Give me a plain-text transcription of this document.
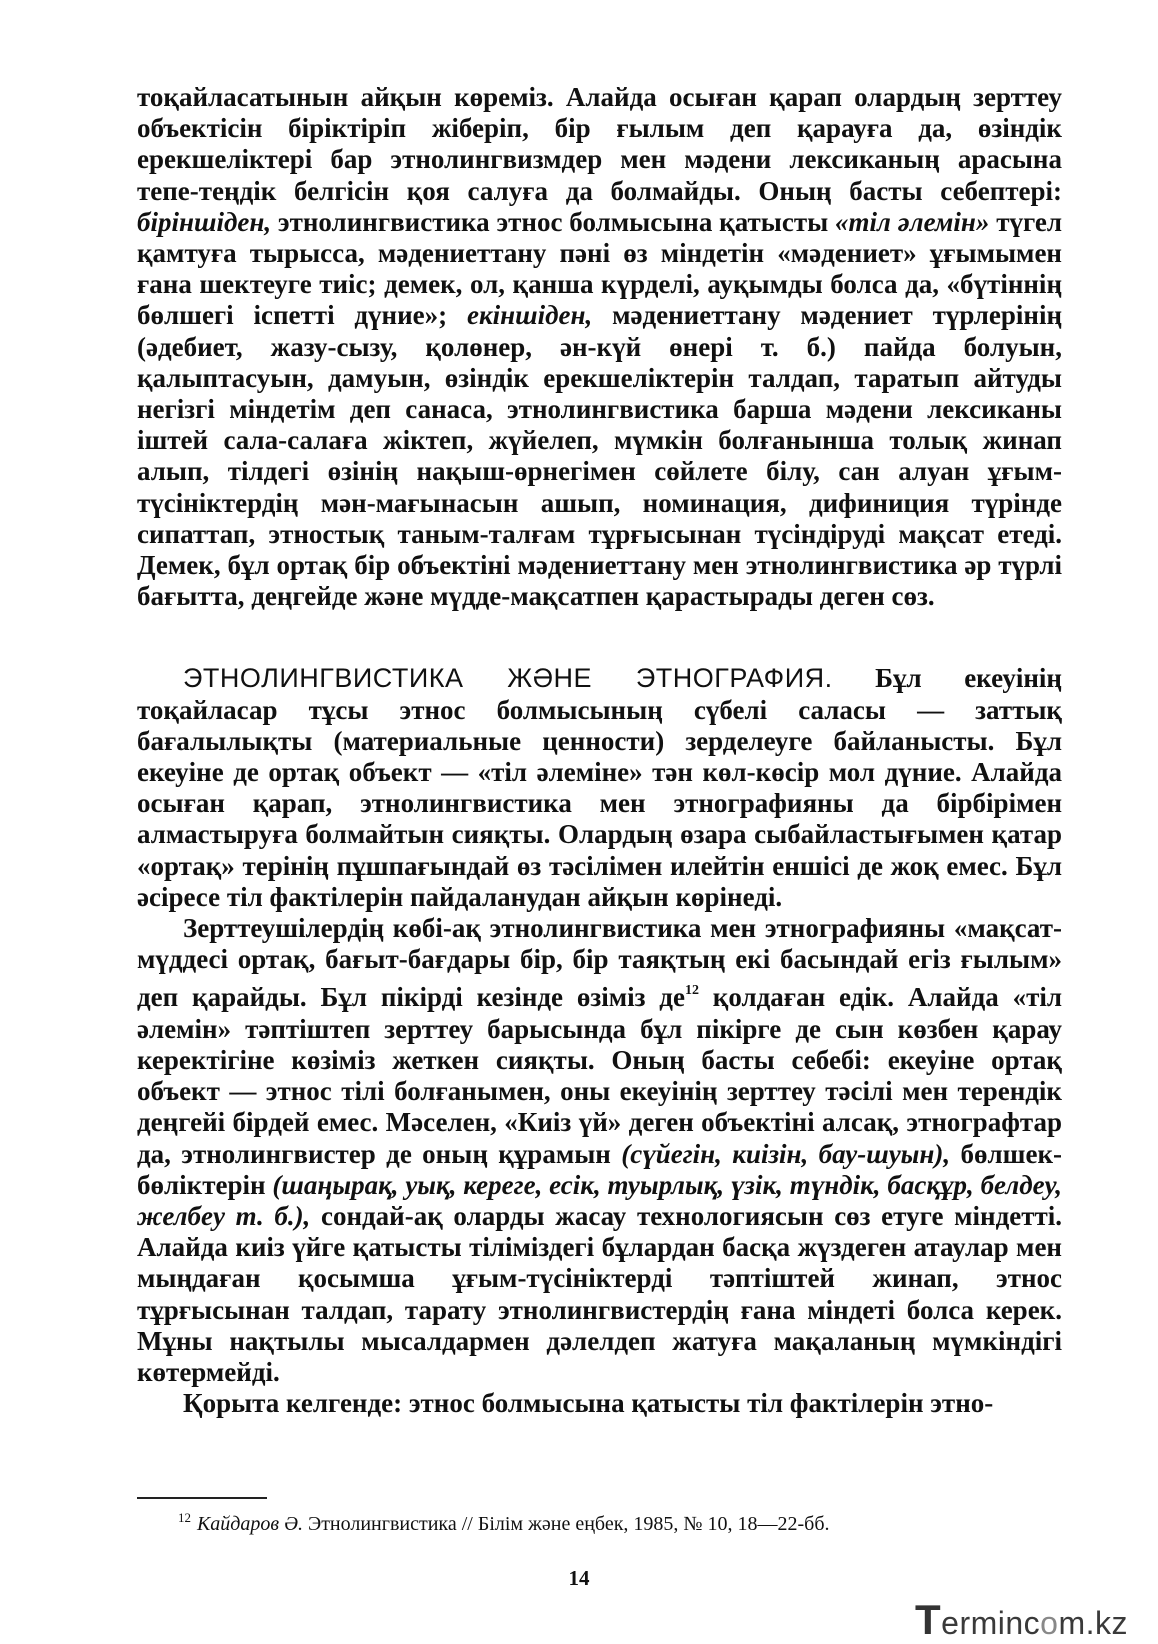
тоқайласатынын айқын көреміз. Алайда осыған қарап олардың зерттеу объектісін біріктіріп жіберіп, бір ғылым деп қарауға да, өзіндік ерекшеліктері бар этнолингвизмдер мен мәдени лексиканың арасына тепе-теңдік белгісін қоя салуға да болмайды. Оның басты себептері: біріншіден, этнолингвистика этнос болмысына қатысты «тіл әлемін» түгел қамтуға тырысса, мәдениеттану пәні өз міндетін «мәдениет» ұғымымен ғана шектеуге тиіс; демек, ол, қанша күрделі, ауқымды болса да, «бүтіннің бөлшегі іспетті дүние»; екіншіден, мәдениеттану мәдениет түрлерінің (әдебиет, жазу-сызу, қолөнер, ән-күй өнері т. б.) пайда болуын, қалыптасуын, дамуын, өзіндік ерекшеліктерін талдап, таратып айтуды негізгі міндетім деп санаса, этнолингвистика барша мәдени лексиканы іштей сала-салаға жіктеп, жүйелеп, мүмкін болғанынша толық жинап алып, тілдегі өзінің нақыш-өрнегімен сөйлете білу, сан алуан ұғым-түсініктердің мән-мағынасын ашып, номинация, дифиниция түрінде сипаттап, этностық таным-талғам тұрғысынан түсіндіруді мақсат етеді. Демек, бұл ортақ бір объектіні мәдениеттану мен этнолингвистика әр түрлі бағытта, деңгейде және мүдде-мақсатпен қарастырады деген сөз.

ЭТНОЛИНГВИСТИКА ЖӘНЕ ЭТНОГРАФИЯ. Бұл екеуінің тоқайласар тұсы этнос болмысының сүбелі саласы — заттық бағалылықты (материальные ценности) зерделеуге байланысты. Бұл екеуіне де ортақ объект — «тіл әлеміне» тән көл-көсір мол дүние. Алайда осыған қарап, этнолингвистика мен этнографияны да бірбірімен алмастыруға болмайтын сияқты. Олардың өзара сыбайластығымен қатар «ортақ» терінің пұшпағындай өз тәсілімен илейтін еншісі де жоқ емес. Бұл әсіресе тіл фактілерін пайдаланудан айқын көрінеді.

Зерттеушілердің көбі-ақ этнолингвистика мен этнографияны «мақсат-мүддесі ортақ, бағыт-бағдары бір, бір таяқтың екі басындай егіз ғылым» деп қарайды. Бұл пікірді кезінде өзіміз де$^{12}$ қолдаған едік. Алайда «тіл әлемін» тәптіштеп зерттеу барысында бұл пікірге де сын көзбен қарау керектігіне көзіміз жеткен сияқты. Оның басты себебі: екеуіне ортақ объект — этнос тілі болғанымен, оны екеуінің зерттеу тәсілі мен терендік деңгейі бірдей емес. Мәселен, «Киіз үй» деген объектіні алсақ, этнографтар да, этнолингвистер де оның құрамын (сүйегін, киізін, бау-шуын), бөлшек-бөліктерін (шаңырақ, уық, кереге, есік, туырлық, үзік, түндік, басқұр, белдеу, желбеу т. б.), сондай-ақ оларды жасау технологиясын сөз етуге міндетті. Алайда киіз үйге қатысты тіліміздегі бұлардан басқа жүздеген атаулар мен мыңдаған қосымша ұғым-түсініктерді тәптіштей жинап, этнос тұрғысынан талдап, тарату этнолингвистердің ғана міндеті болса керек. Мұны нақтылы мысалдармен дәлелдеп жатуға мақаланың мүмкіндігі көтермейді.

Қорыта келгенде: этнос болмысына қатысты тіл фактілерін этно-

$^{12}$ Кайдаров Ә. Этнолингвистика // Білім және еңбек, 1985, № 10, 18—22-бб.
14
Termincom.kz
